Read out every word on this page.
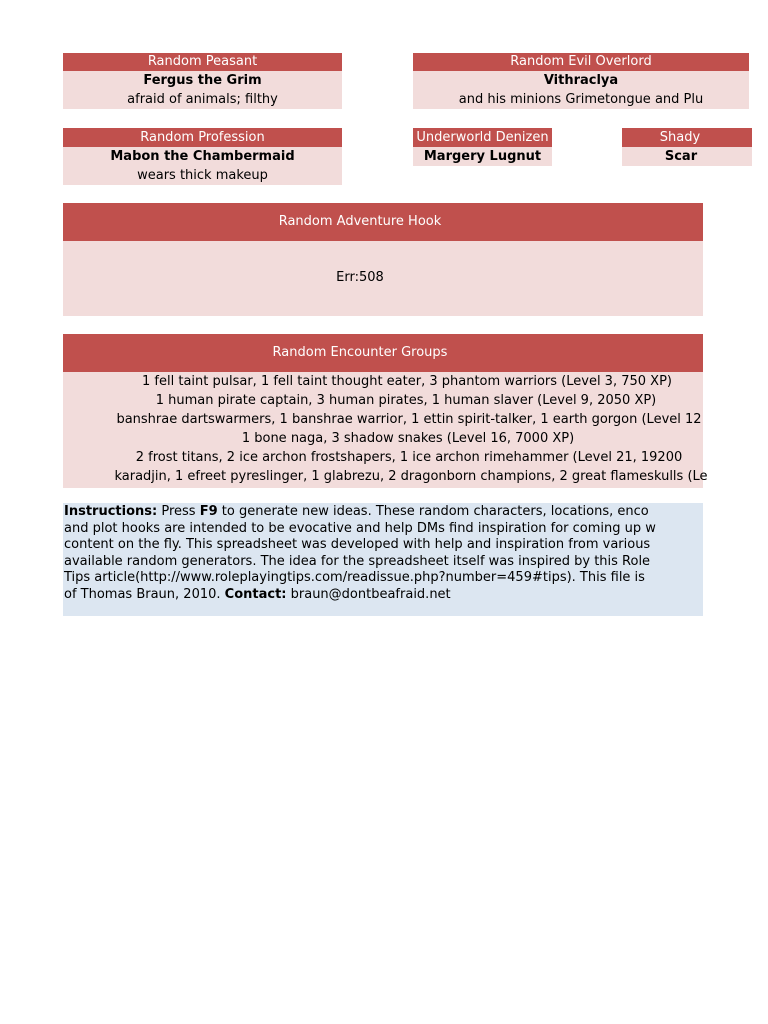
Random Peasant
Fergus the Grim
afraid of animals; filthy
Random Evil Overlord
Vithraclya
and his minions Grimetongue and Plu
Random Profession
Mabon the Chambermaid
wears thick makeup
Underworld Denizen
Margery Lugnut
Shady
Scar
Random Adventure Hook
Err:508
Random Encounter Groups
1 fell taint pulsar, 1 fell taint thought eater, 3 phantom warriors (Level 3, 750 XP)
1 human pirate captain, 3 human pirates, 1 human slaver (Level 9, 2050 XP)
banshrae dartswarmers, 1 banshrae warrior, 1 ettin spirit-talker, 1 earth gorgon (Level 12
1 bone naga, 3 shadow snakes (Level 16, 7000 XP)
2 frost titans, 2 ice archon frostshapers, 1 ice archon rimehammer (Level 21, 19200
karadjin, 1 efreet pyreslinger, 1 glabrezu, 2 dragonborn champions, 2 great flameskulls (Le
Instructions: Press F9 to generate new ideas. These random characters, locations, enco
and plot hooks are intended to be evocative and help DMs find inspiration for coming up w
content on the fly. This spreadsheet was developed with help and inspiration from various
available random generators. The idea for the spreadsheet itself was inspired by this Role
Tips article(http://www.roleplayingtips.com/readissue.php?number=459#tips). This file is
of Thomas Braun, 2010. Contact: braun@dontbeafraid.net
